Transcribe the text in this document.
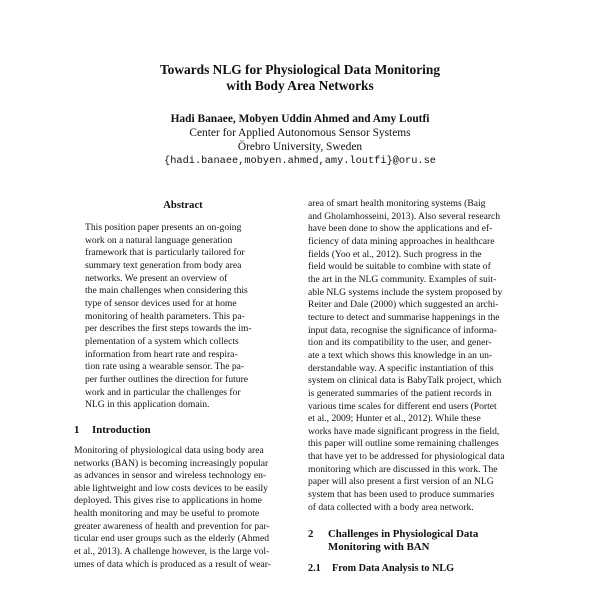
Towards NLG for Physiological Data Monitoring
with Body Area Networks
Hadi Banaee, Mobyen Uddin Ahmed and Amy Loutfi
Center for Applied Autonomous Sensor Systems
Örebro University, Sweden
{hadi.banaee,mobyen.ahmed,amy.loutfi}@oru.se
Abstract
This position paper presents an on-going
work on a natural language generation
framework that is particularly tailored for
summary text generation from body area
networks. We present an overview of
the main challenges when considering this
type of sensor devices used for at home
monitoring of health parameters. This pa-
per describes the first steps towards the im-
plementation of a system which collects
information from heart rate and respira-
tion rate using a wearable sensor. The pa-
per further outlines the direction for future
work and in particular the challenges for
NLG in this application domain.
1 Introduction
Monitoring of physiological data using body area
networks (BAN) is becoming increasingly popular
as advances in sensor and wireless technology en-
able lightweight and low costs devices to be easily
deployed. This gives rise to applications in home
health monitoring and may be useful to promote
greater awareness of health and prevention for par-
ticular end user groups such as the elderly (Ahmed
et al., 2013). A challenge however, is the large vol-
umes of data which is produced as a result of wear-
area of smart health monitoring systems (Baig
and Gholamhosseini, 2013). Also several research
have been done to show the applications and ef-
ficiency of data mining approaches in healthcare
fields (Yoo et al., 2012). Such progress in the
field would be suitable to combine with state of
the art in the NLG community. Examples of suit-
able NLG systems include the system proposed by
Reiter and Dale (2000) which suggested an archi-
tecture to detect and summarise happenings in the
input data, recognise the significance of informa-
tion and its compatibility to the user, and gener-
ate a text which shows this knowledge in an un-
derstandable way. A specific instantiation of this
system on clinical data is BabyTalk project, which
is generated summaries of the patient records in
various time scales for different end users (Portet
et al., 2009; Hunter et al., 2012). While these
works have made significant progress in the field,
this paper will outline some remaining challenges
that have yet to be addressed for physiological data
monitoring which are discussed in this work. The
paper will also present a first version of an NLG
system that has been used to produce summaries
of data collected with a body area network.
2 Challenges in Physiological Data
Monitoring with BAN
2.1 From Data Analysis to NLG
